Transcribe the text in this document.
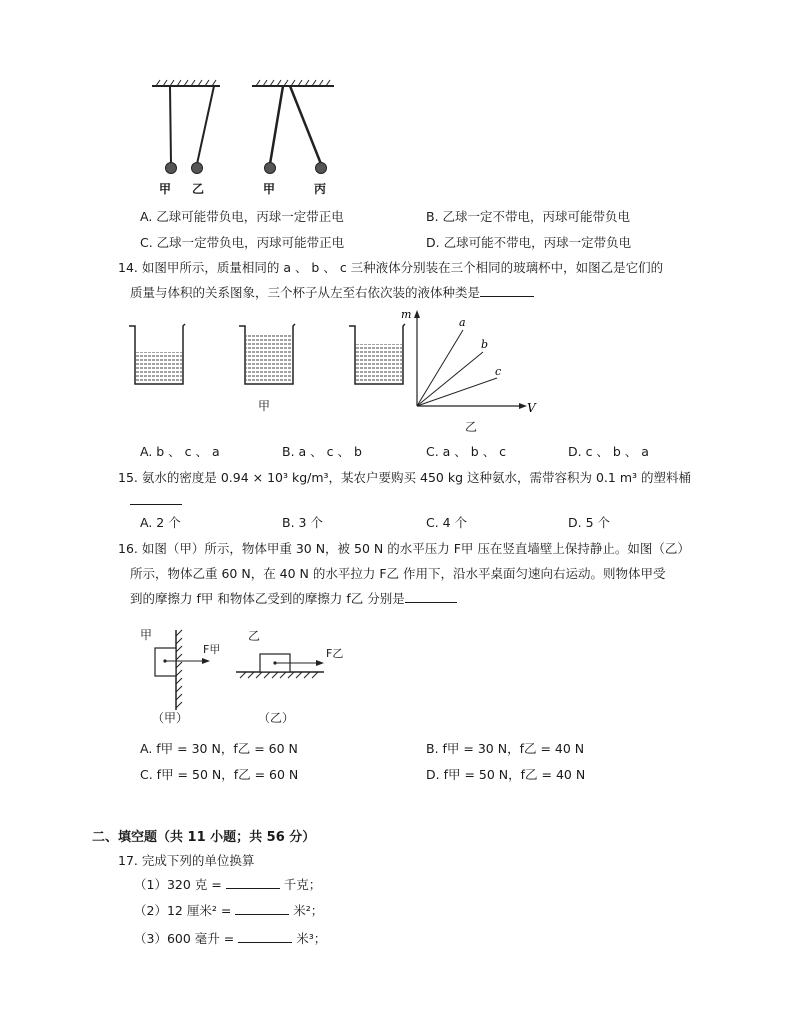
甲 乙	甲	丙
A. 乙球可能带负电，丙球一定带正电	B. 乙球一定不带电，丙球可能带负电
C. 乙球一定带负电，丙球可能带正电	D. 乙球可能不带电，丙球一定带负电
14. 如图甲所示，质量相同的 a 、 b 、 c 三种液体分别装在三个相同的玻璃杯中，如图乙是它们的
质量与体积的关系图象，三个杯子从左至右依次装的液体种类是
甲
m
V
a
b
c
乙
A. b 、 c 、 a	B. a 、 c 、 b	C. a 、 b 、 c	D. c 、 b 、 a
15. 氨水的密度是 0.94 × 10³ kg/m³，某农户要购买 450 kg 这种氨水，需带容积为 0.1 m³ 的塑料桶
A. 2 个	B. 3 个	C. 4 个	D. 5 个
16. 如图（甲）所示，物体甲重 30 N，被 50 N 的水平压力 F甲 压在竖直墙壁上保持静止。如图（乙）
所示，物体乙重 60 N，在 40 N 的水平拉力 F乙 作用下，沿水平桌面匀速向右运动。则物体甲受
到的摩擦力 f甲 和物体乙受到的摩擦力 f乙 分别是
甲
F甲
乙
F乙
（甲）	（乙）
A. f甲 = 30 N，f乙 = 60 N	B. f甲 = 30 N，f乙 = 40 N
C. f甲 = 50 N，f乙 = 60 N	D. f甲 = 50 N，f乙 = 40 N
二、填空题（共 11 小题；共 56 分）
17. 完成下列的单位换算
（1）320 克 =	千克；
（2）12 厘米² =	米²；
（3）600 毫升 =	米³；
